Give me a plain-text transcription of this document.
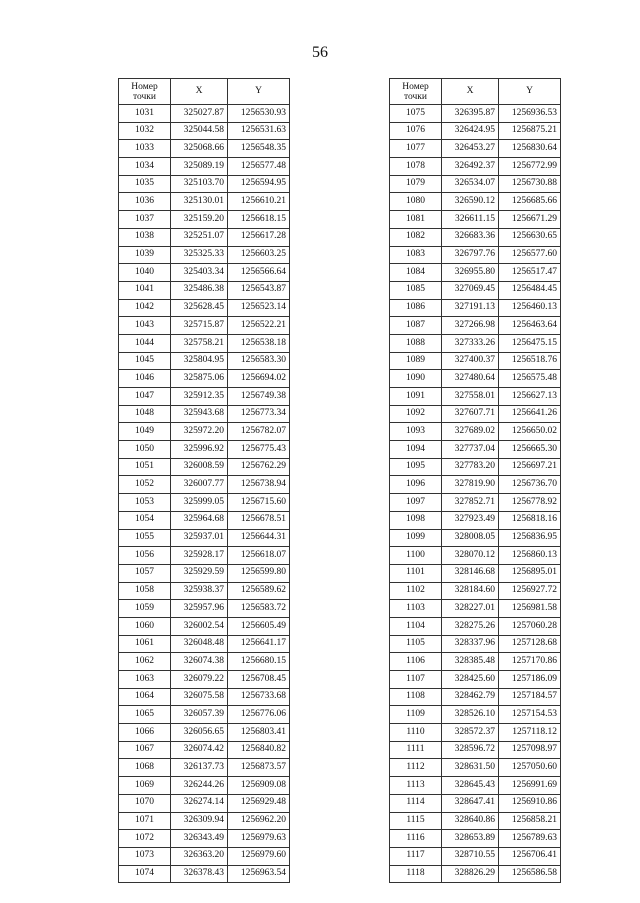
56
Номер точки	X	Y
1031	325027.87	1256530.93
1032	325044.58	1256531.63
1033	325068.66	1256548.35
1034	325089.19	1256577.48
1035	325103.70	1256594.95
1036	325130.01	1256610.21
1037	325159.20	1256618.15
1038	325251.07	1256617.28
1039	325325.33	1256603.25
1040	325403.34	1256566.64
1041	325486.38	1256543.87
1042	325628.45	1256523.14
1043	325715.87	1256522.21
1044	325758.21	1256538.18
1045	325804.95	1256583.30
1046	325875.06	1256694.02
1047	325912.35	1256749.38
1048	325943.68	1256773.34
1049	325972.20	1256782.07
1050	325996.92	1256775.43
1051	326008.59	1256762.29
1052	326007.77	1256738.94
1053	325999.05	1256715.60
1054	325964.68	1256678.51
1055	325937.01	1256644.31
1056	325928.17	1256618.07
1057	325929.59	1256599.80
1058	325938.37	1256589.62
1059	325957.96	1256583.72
1060	326002.54	1256605.49
1061	326048.48	1256641.17
1062	326074.38	1256680.15
1063	326079.22	1256708.45
1064	326075.58	1256733.68
1065	326057.39	1256776.06
1066	326056.65	1256803.41
1067	326074.42	1256840.82
1068	326137.73	1256873.57
1069	326244.26	1256909.08
1070	326274.14	1256929.48
1071	326309.94	1256962.20
1072	326343.49	1256979.63
1073	326363.20	1256979.60
1074	326378.43	1256963.54
Номер точки	X	Y
1075	326395.87	1256936.53
1076	326424.95	1256875.21
1077	326453.27	1256830.64
1078	326492.37	1256772.99
1079	326534.07	1256730.88
1080	326590.12	1256685.66
1081	326611.15	1256671.29
1082	326683.36	1256630.65
1083	326797.76	1256577.60
1084	326955.80	1256517.47
1085	327069.45	1256484.45
1086	327191.13	1256460.13
1087	327266.98	1256463.64
1088	327333.26	1256475.15
1089	327400.37	1256518.76
1090	327480.64	1256575.48
1091	327558.01	1256627.13
1092	327607.71	1256641.26
1093	327689.02	1256650.02
1094	327737.04	1256665.30
1095	327783.20	1256697.21
1096	327819.90	1256736.70
1097	327852.71	1256778.92
1098	327923.49	1256818.16
1099	328008.05	1256836.95
1100	328070.12	1256860.13
1101	328146.68	1256895.01
1102	328184.60	1256927.72
1103	328227.01	1256981.58
1104	328275.26	1257060.28
1105	328337.96	1257128.68
1106	328385.48	1257170.86
1107	328425.60	1257186.09
1108	328462.79	1257184.57
1109	328526.10	1257154.53
1110	328572.37	1257118.12
1111	328596.72	1257098.97
1112	328631.50	1257050.60
1113	328645.43	1256991.69
1114	328647.41	1256910.86
1115	328640.86	1256858.21
1116	328653.89	1256789.63
1117	328710.55	1256706.41
1118	328826.29	1256586.58
